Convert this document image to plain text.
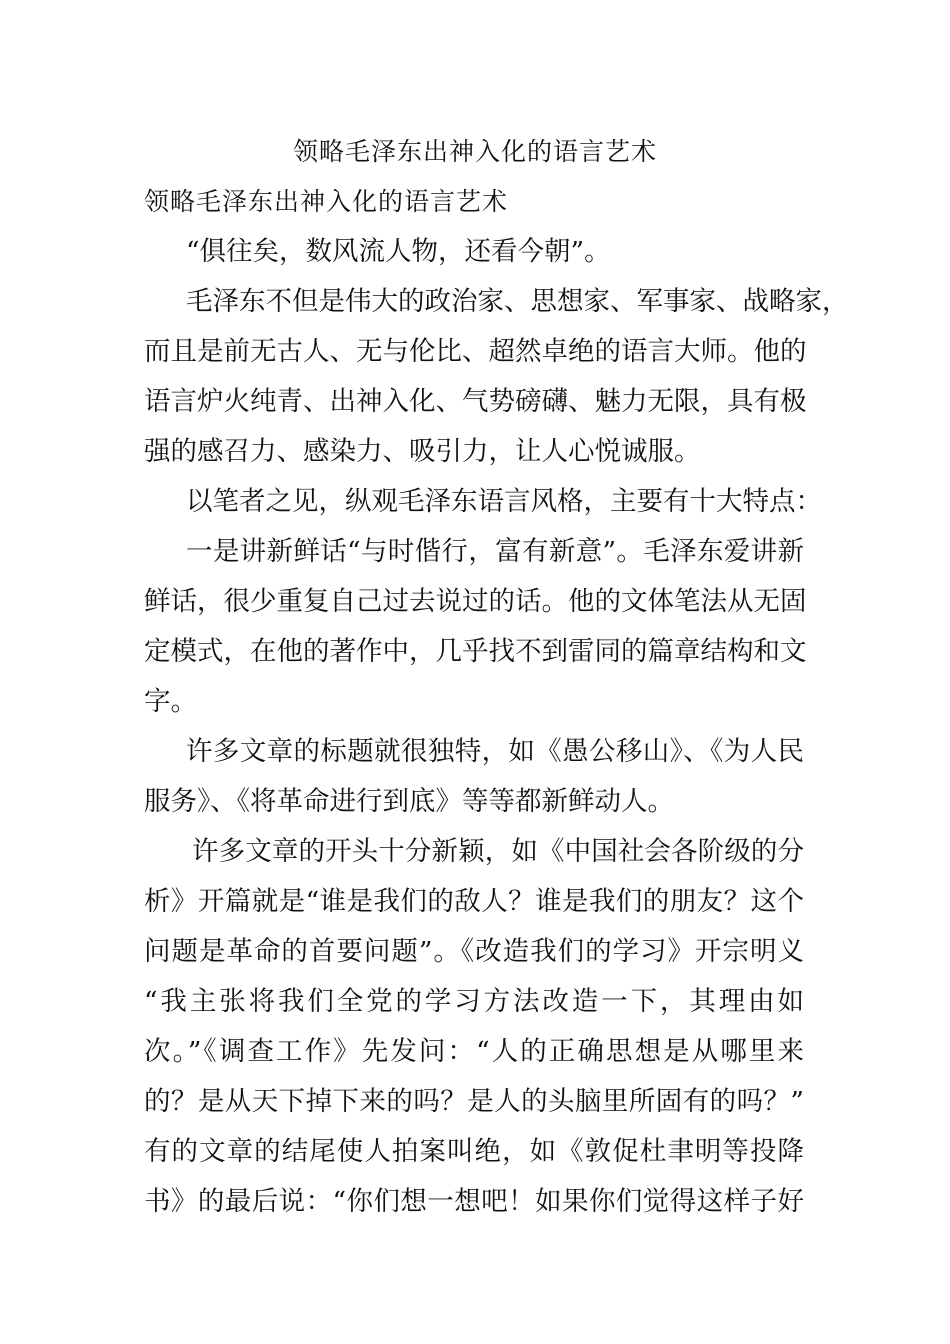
领略毛泽东出神入化的语言艺术
领略毛泽东出神入化的语言艺术
“俱往矣，数风流人物，还看今朝”。
毛泽东不但是伟大的政治家、思想家、军事家、战略家，
而且是前无古人、无与伦比、超然卓绝的语言大师。他的
语言炉火纯青、出神入化、气势磅礴、魅力无限，具有极
强的感召力、感染力、吸引力，让人心悦诚服。
以笔者之见，纵观毛泽东语言风格，主要有十大特点：
一是讲新鲜话“与时偕行，富有新意”。毛泽东爱讲新
鲜话，很少重复自己过去说过的话。他的文体笔法从无固
定模式，在他的著作中，几乎找不到雷同的篇章结构和文
字。
许多文章的标题就很独特，如《愚公移山》、《为人民
服务》、《将革命进行到底》等等都新鲜动人。
许多文章的开头十分新颖，如《中国社会各阶级的分
析》开篇就是“谁是我们的敌人？谁是我们的朋友？这个
问题是革命的首要问题”。《改造我们的学习》开宗明义
“我主张将我们全党的学习方法改造一下，其理由如
次。”《调查工作》先发问：“人的正确思想是从哪里来
的？是从天下掉下来的吗？是人的头脑里所固有的吗？”
有的文章的结尾使人拍案叫绝，如《敦促杜聿明等投降
书》的最后说：“你们想一想吧！如果你们觉得这样子好
